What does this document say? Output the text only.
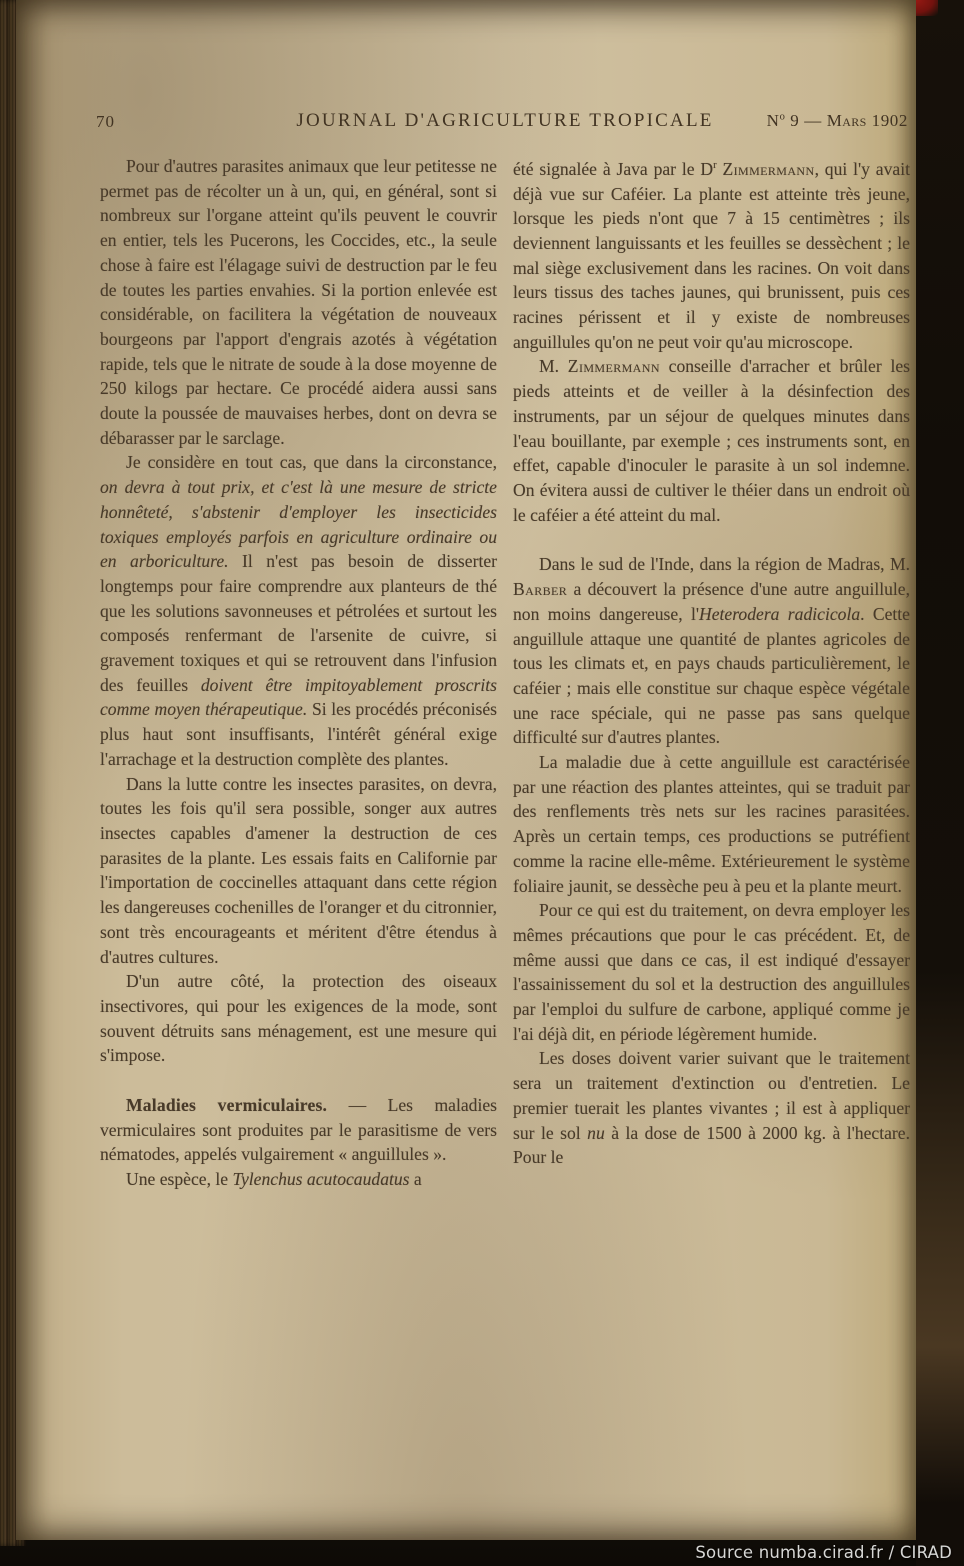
70	JOURNAL D'AGRICULTURE TROPICALE	$N^o$ 9 — Mars 1902

Pour d'autres parasites animaux que leur petitesse ne permet pas de récolter un à un, qui, en général, sont si nombreux sur l'organe atteint qu'ils peuvent le couvrir en entier, tels les Pucerons, les Coccides, etc., la seule chose à faire est l'élagage suivi de destruction par le feu de toutes les parties envahies. Si la portion enlevée est considérable, on facilitera la végétation de nouveaux bourgeons par l'apport d'engrais azotés à végétation rapide, tels que le nitrate de soude à la dose moyenne de 250 kilogs par hectare. Ce procédé aidera aussi sans doute la poussée de mauvaises herbes, dont on devra se débarasser par le sarclage.

Je considère en tout cas, que dans la circonstance, on devra à tout prix, et c'est là une mesure de stricte honnêteté, s'abstenir d'employer les insecticides toxiques employés parfois en agriculture ordinaire ou en arboriculture. Il n'est pas besoin de disserter longtemps pour faire comprendre aux planteurs de thé que les solutions savonneuses et pétrolées et surtout les composés renfermant de l'arsenite de cuivre, si gravement toxiques et qui se retrouvent dans l'infusion des feuilles doivent être impitoyablement proscrits comme moyen thérapeutique. Si les procédés préconisés plus haut sont insuffisants, l'intérêt général exige l'arrachage et la destruction complète des plantes.

Dans la lutte contre les insectes parasites, on devra, toutes les fois qu'il sera possible, songer aux autres insectes capables d'amener la destruction de ces parasites de la plante. Les essais faits en Californie par l'importation de coccinelles attaquant dans cette région les dangereuses cochenilles de l'oranger et du citronnier, sont très encourageants et méritent d'être étendus à d'autres cultures.

D'un autre côté, la protection des oiseaux insectivores, qui pour les exigences de la mode, sont souvent détruits sans ménagement, est une mesure qui s'impose.

Maladies vermiculaires. — Les maladies vermiculaires sont produites par le parasitisme de vers nématodes, appelés vulgairement « anguillules ».

Une espèce, le Tylenchus acutocaudatus a

été signalée à Java par le $D^r$ Zimmermann, qui l'y avait déjà vue sur Caféier. La plante est atteinte très jeune, lorsque les pieds n'ont que 7 à 15 centimètres ; ils deviennent languissants et les feuilles se dessèchent ; le mal siège exclusivement dans les racines. On voit dans leurs tissus des taches jaunes, qui brunissent, puis ces racines périssent et il y existe de nombreuses anguillules qu'on ne peut voir qu'au microscope.

M. Zimmermann conseille d'arracher et brûler les pieds atteints et de veiller à la désinfection des instruments, par un séjour de quelques minutes dans l'eau bouillante, par exemple ; ces instruments sont, en effet, capable d'inoculer le parasite à un sol indemne. On évitera aussi de cultiver le théier dans un endroit où le caféier a été atteint du mal.

Dans le sud de l'Inde, dans la région de Madras, M. Barber a découvert la présence d'une autre anguillule, non moins dangereuse, l'Heterodera radicicola. Cette anguillule attaque une quantité de plantes agricoles de tous les climats et, en pays chauds particulièrement, le caféier ; mais elle constitue sur chaque espèce végétale une race spéciale, qui ne passe pas sans quelque difficulté sur d'autres plantes.

La maladie due à cette anguillule est caractérisée par une réaction des plantes atteintes, qui se traduit par des renflements très nets sur les racines parasitées. Après un certain temps, ces productions se putréfient comme la racine elle-même. Extérieurement le système foliaire jaunit, se dessèche peu à peu et la plante meurt.

Pour ce qui est du traitement, on devra employer les mêmes précautions que pour le cas précédent. Et, de même aussi que dans ce cas, il est indiqué d'essayer l'assainissement du sol et la destruction des anguillules par l'emploi du sulfure de carbone, appliqué comme je l'ai déjà dit, en période légèrement humide.

Les doses doivent varier suivant que le traitement sera un traitement d'extinction ou d'entretien. Le premier tuerait les plantes vivantes ; il est à appliquer sur le sol nu à la dose de 1500 à 2000 kg. à l'hectare. Pour le

Source numba.cirad.fr / CIRAD
